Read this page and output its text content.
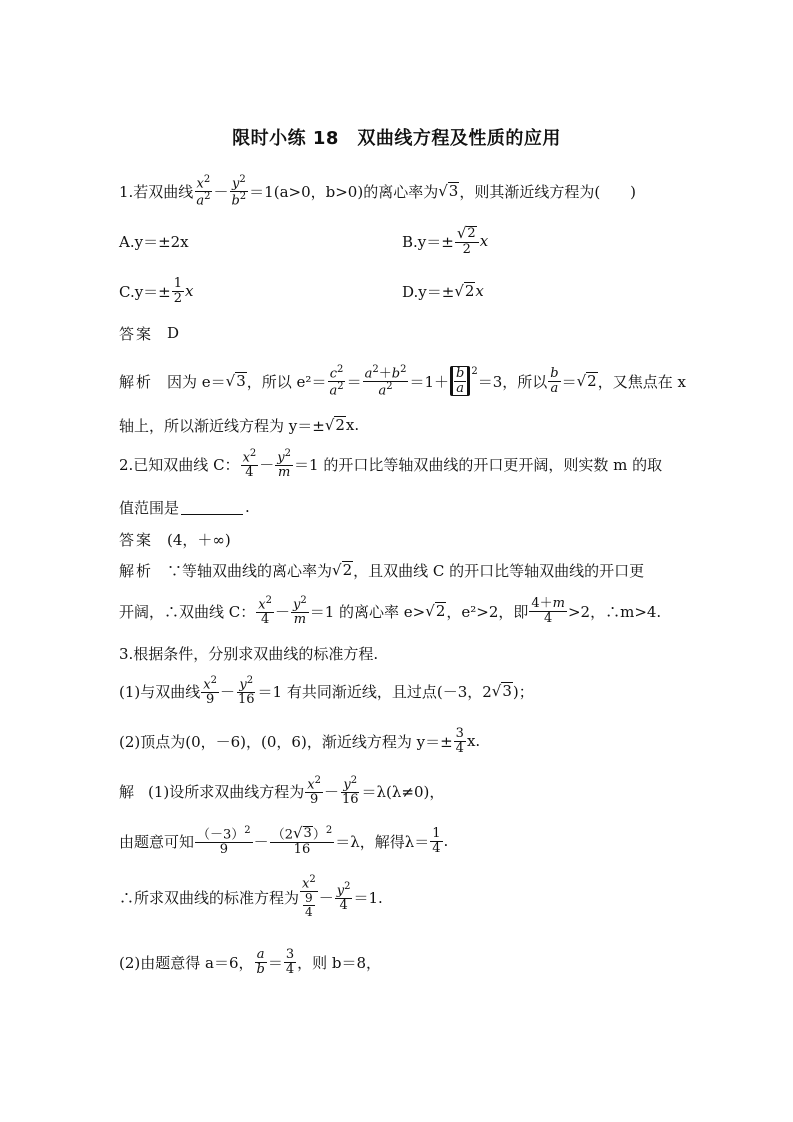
限时小练 18　双曲线方程及性质的应用
1.若双曲线 $\frac{x^2}{a^2} - \frac{y^2}{b^2} =1(a>0$，b>0)的离心率为 √ 3 ，则其渐近线方程为(　　)
A.y＝±2x	$B.y=\pm \frac{√ 2}{2}$ x
$C.y=\pm \frac{1}{2}$ x	D.y＝± √ 2 x
答案 D
解析 因为 e＝ √ 3 ，所以 $e^2= \frac{c^2}{a^2} = \frac{a^2+b^2}{a^2} =1+ \frac{b}{a} ^2$
＝3，所以 $\frac{b}{a}$ ＝ √ 2 ，又焦点在 x
轴上，所以渐近线方程为 y＝± √ 2 x.
2.已知双曲线 C： $\frac{x^2}{4} - \frac{y^2}{m} =1$ 的开口比等轴双曲线的开口更开阔，则实数 m 的取
值范围是	.
答案 (4，＋∞)
解析 ∵等轴双曲线的离心率为 √ 2 ，且双曲线 C 的开口比等轴双曲线的开口更
开阔，∴双曲线 C： $\frac{x^2}{4} - \frac{y^2}{m} =1$ 的离心率 e> √ 2 ，e²>2，即 $\frac{4+m}{4} >2$，∴m>4.
3.根据条件，分别求双曲线的标准方程.
(1)与双曲线 $\frac{x^2}{9} - \frac{y^2}{16} =1$ 有共同渐近线，且过点(－3，2 √ 3 )；
(2)顶点为(0，－6)，(0，6)，渐近线方程为 $y=\pm \frac{3}{4} x$.
解 (1)设所求双曲线方程为 $\frac{x^2}{9} - \frac{y^2}{16} =\lambda(\lambda\ne 0)$，
由题意可知 $\frac{(-3)^2}{9} - \frac{(2 √ 3 )^2}{16} =\lambda$，解得$\lambda= \frac{1}{4}$ .
∴所求双曲线的标准方程为 $\frac{x^2}{\frac{9}{4}} - \frac{y^2}{4} =1$.
(2)由题意得 a＝6， $\frac{a}{b} = \frac{3}{4}$ ，则 b＝8，
